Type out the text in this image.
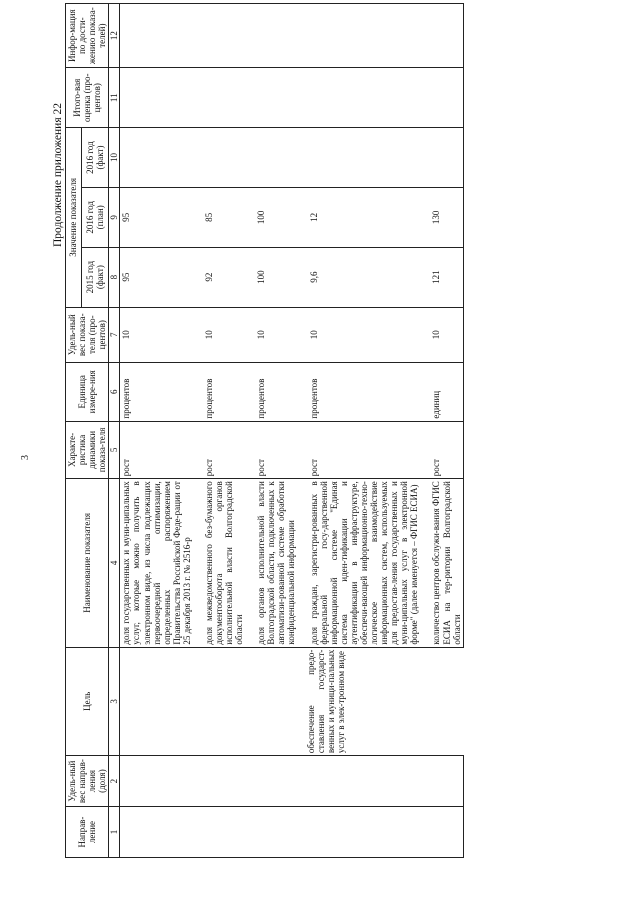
3
Продолжение приложения 22
Направ-ление	Удель-ный вес направ-ления (доля)	Цель	Наименование показателя	Характе-ристика динамики показа-теля	Единица измере-ния	Удель-ный вес показа-теля (про-центов)	Значение показателя			Итого-вая оценка (про-центов)	Инфор-мация по дости-жению показа-телей)
							2015 год (факт)	2016 год (план)	2016 год (факт)		
1	2	3	4	5	6	7	8	9	10	11	12
		обеспечение предо-ставления государст-венных и муници-пальных услуг в элек-тронном виде	доля государственных и муни-ципальных услуг, которые можно получить в электронном виде, из числа подлежащих первоочередной оптимизации, определенных распоряжением Правительства Российской Феде-рации от 25 декабря 2013 г. № 2516-р	рост	процентов	10	95	95			

			доля межведомственного без-бумажного документооборота органов исполнительной власти Волгоградской области	рост	процентов	10	92	85			

			доля органов исполнительной власти Волгоградской области, подключенных к автоматизи-рованной системе обработки конфиденциальной информации	рост	процентов	10	100	100			

			доля граждан, зарегистри-рованных в федеральной госу-дарственной информационной системе "Единая система иден-тификации и аутентификации в инфраструктуре, обеспечи-вающей информационно-техно-логическое взаимодействие информационных систем, используемых для предостав-ления государственных и муни-ципальных услуг в электронной форме" (далее именуется – ФГИС ЕСИА)	рост	процентов	10	9,6	12			

			количество центров обслужи-вания ФГИС ЕСИА на тер-ритории Волгоградской области	рост	единиц	10	121	130			
